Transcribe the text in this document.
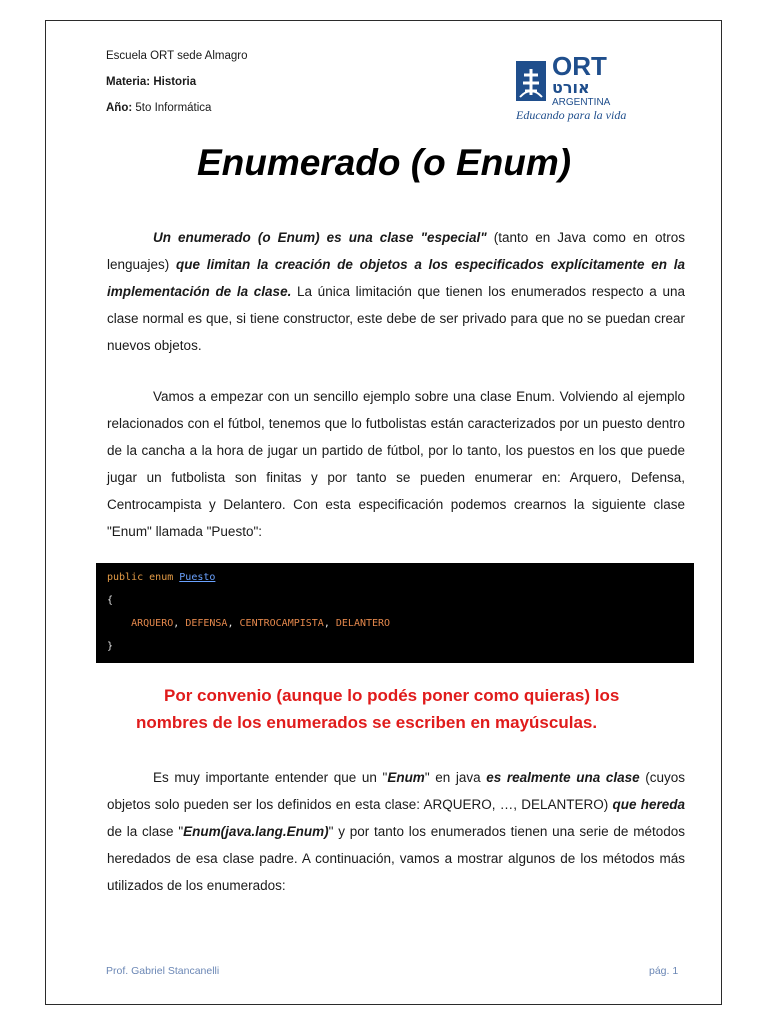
Escuela ORT sede Almagro
Materia: Historia
Año: 5to Informática
ORT
אורט
ARGENTINA
Educando para la vida
Enumerado (o Enum)

Un enumerado (o Enum) es una clase "especial" (tanto en Java como en otros lenguajes) que limitan la creación de objetos a los especificados explícitamente en la implementación de la clase. La única limitación que tienen los enumerados respecto a una clase normal es que, si tiene constructor, este debe de ser privado para que no se puedan crear nuevos objetos.

Vamos a empezar con un sencillo ejemplo sobre una clase Enum. Volviendo al ejemplo relacionados con el fútbol, tenemos que lo futbolistas están caracterizados por un puesto dentro de la cancha a la hora de jugar un partido de fútbol, por lo tanto, los puestos en los que puede jugar un futbolista son finitas y por tanto se pueden enumerar en: Arquero, Defensa, Centrocampista y Delantero. Con esta especificación podemos crearnos la siguiente clase "Enum" llamada "Puesto":

public enum Puesto
{
ARQUERO, DEFENSA, CENTROCAMPISTA, DELANTERO
}

Por convenio (aunque lo podés poner como quieras) los
nombres de los enumerados se escriben en mayúsculas.

Es muy importante entender que un "Enum" en java es realmente una clase (cuyos objetos solo pueden ser los definidos en esta clase: ARQUERO, …, DELANTERO) que hereda de la clase "Enum(java.lang.Enum)" y por tanto los enumerados tienen una serie de métodos heredados de esa clase padre. A continuación, vamos a mostrar algunos de los métodos más utilizados de los enumerados:

Prof. Gabriel Stancanelli	pág. 1
